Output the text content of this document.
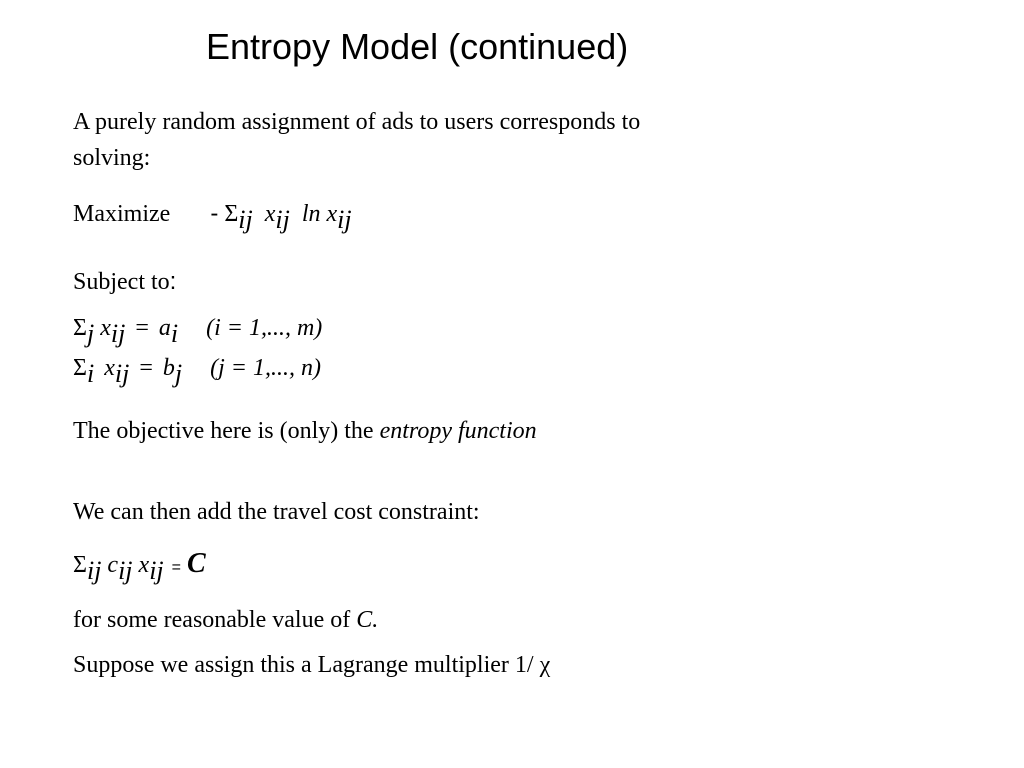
Entropy Model (continued)
A purely random assignment of ads to users corresponds to
solving:
Maximize - Σij xij ln xij
Subject to:
Σj xij = ai (i = 1,..., m)
Σi xij = bj (j = 1,..., n)
The objective here is (only) the entropy function
We can then add the travel cost constraint:
Σij cij xij = C
for some reasonable value of C.
Suppose we assign this a Lagrange multiplier 1/ χ
